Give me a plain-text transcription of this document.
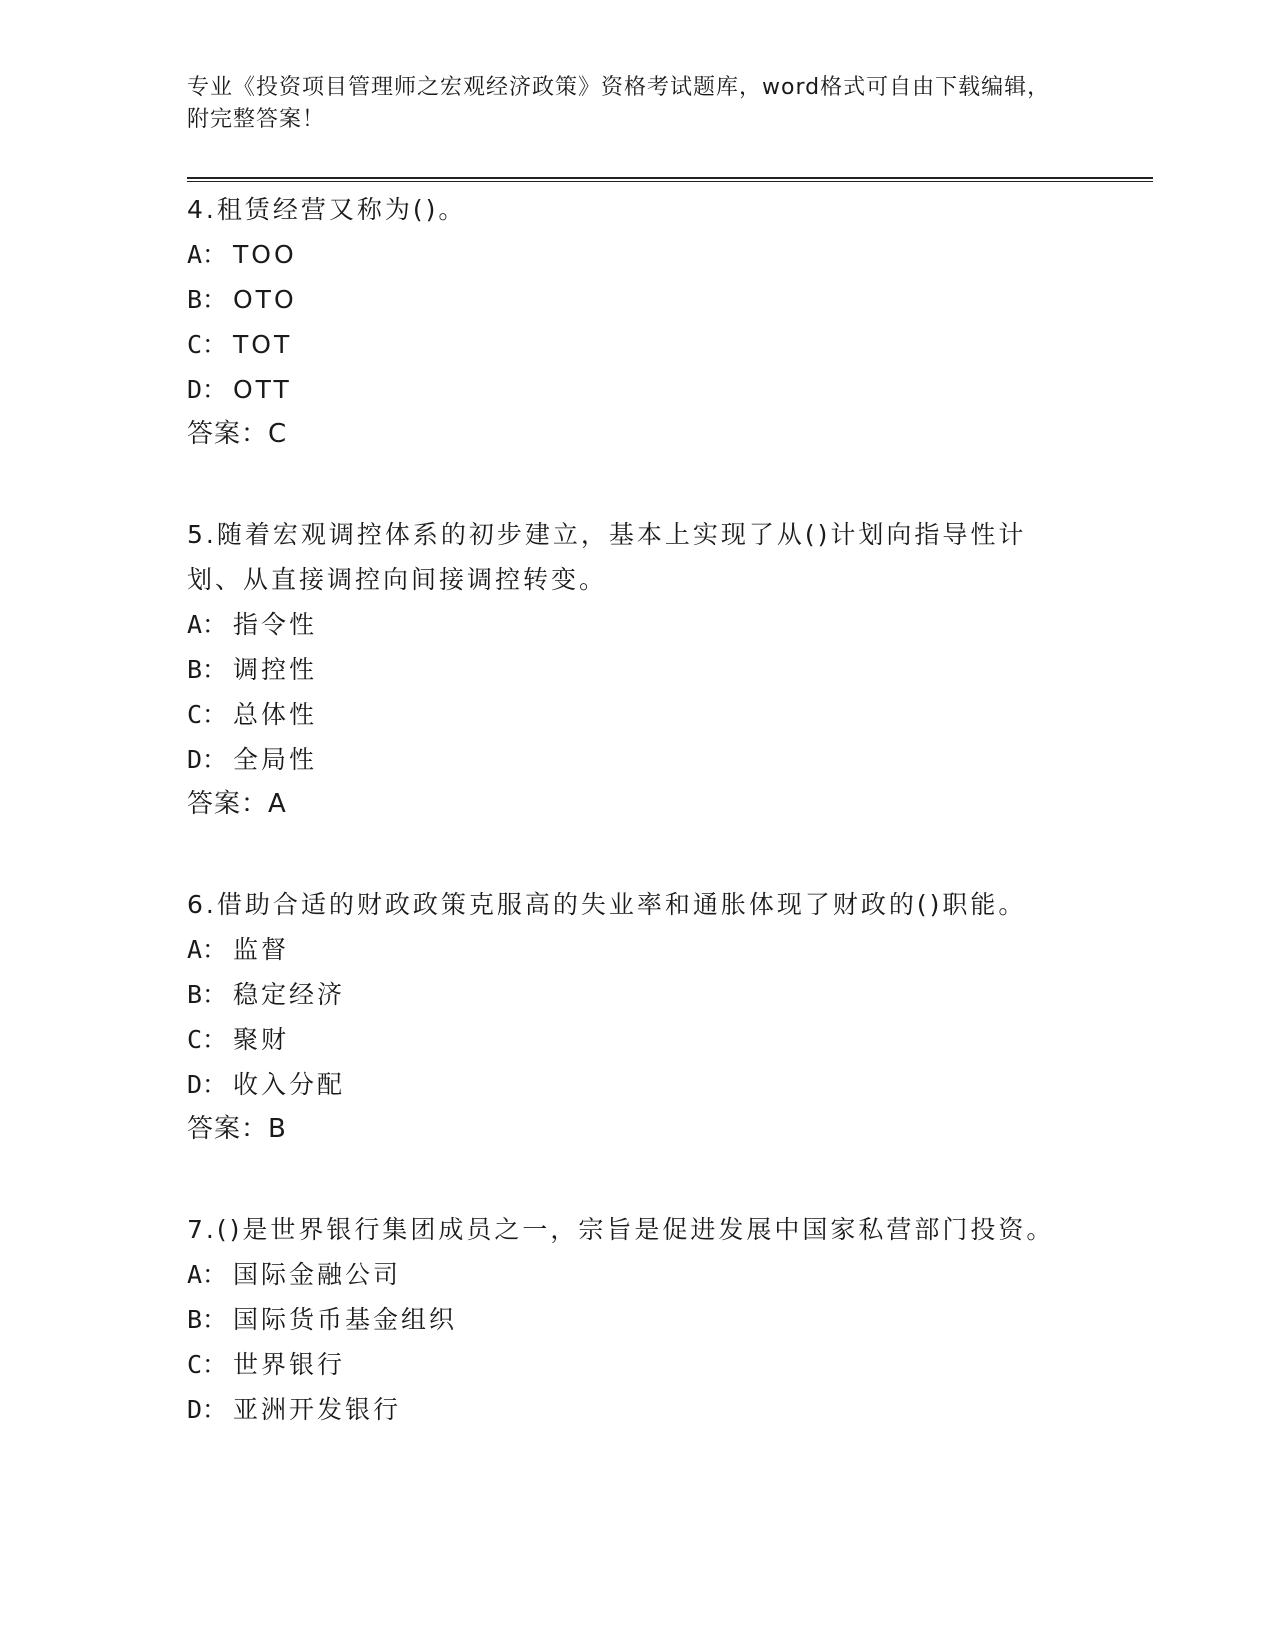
专业《投资项目管理师之宏观经济政策》资格考试题库，word格式可自由下载编辑，附完整答案！

4.租赁经营又称为()。

A： TOO
B： OTO
C： TOT
D： OTT
答案：C

5.随着宏观调控体系的初步建立，基本上实现了从()计划向指导性计划、从直接调控向间接调控转变。

A： 指令性
B： 调控性
C： 总体性
D： 全局性
答案：A

6.借助合适的财政政策克服高的失业率和通胀体现了财政的()职能。

A： 监督
B： 稳定经济
C： 聚财
D： 收入分配
答案：B

7.()是世界银行集团成员之一，宗旨是促进发展中国家私营部门投资。

A： 国际金融公司
B： 国际货币基金组织
C： 世界银行
D： 亚洲开发银行
